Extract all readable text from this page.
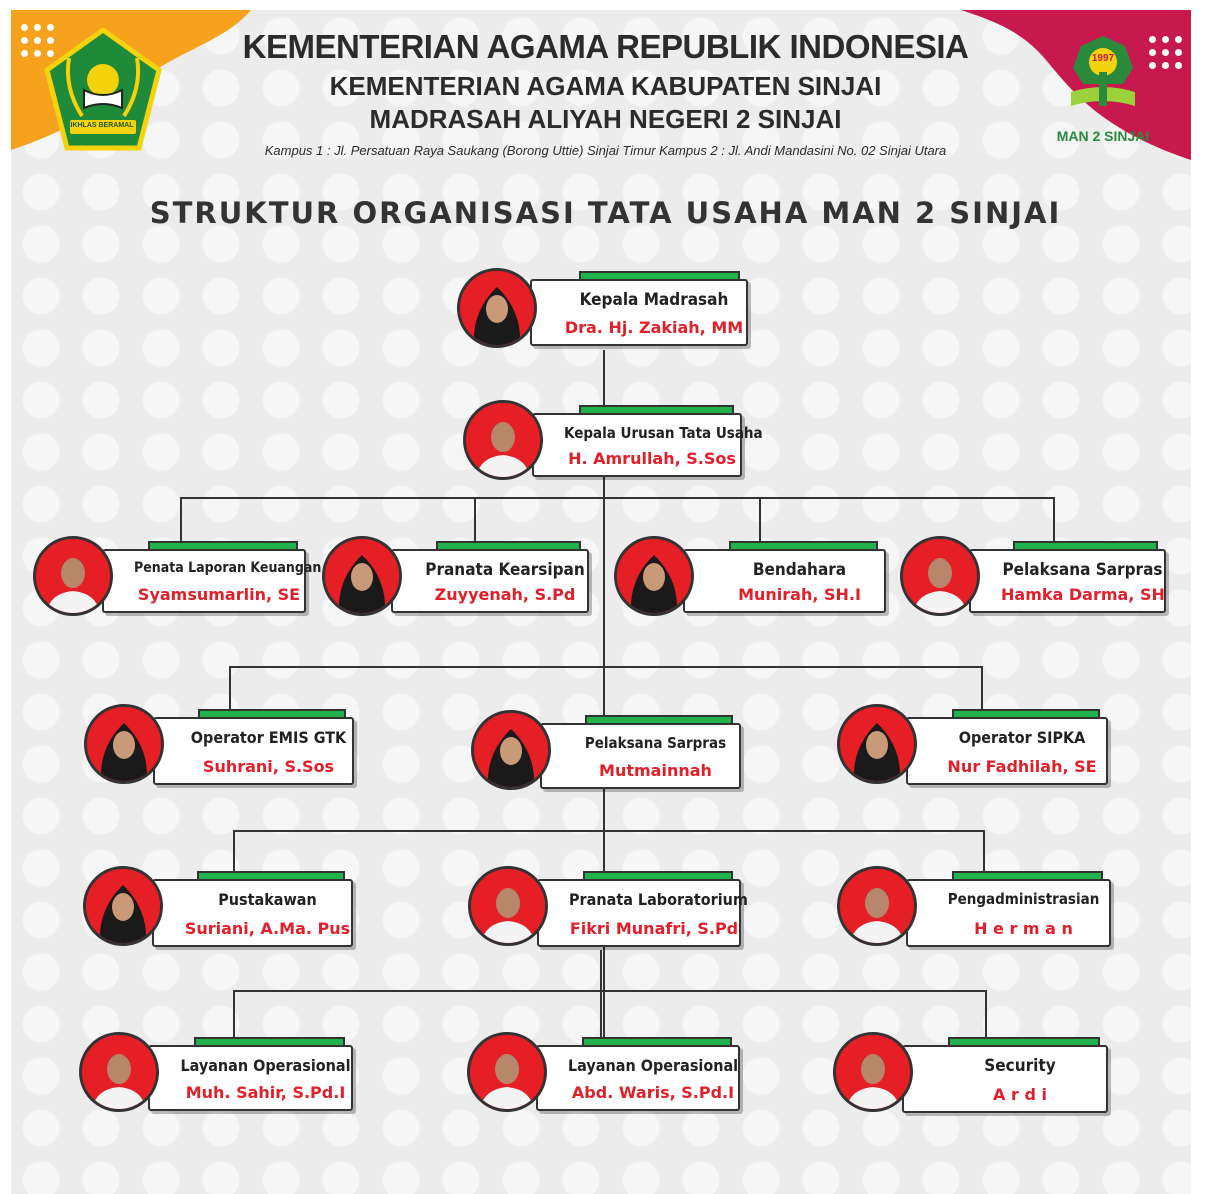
IKHLAS BERAMAL
1997
MAN 2 SINJAI
Kepala Madrasah
Dra. Hj. Zakiah, MM
Kepala Urusan Tata Usaha
H. Amrullah, S.Sos
Penata Laporan Keuangan
Syamsumarlin, SE
Pranata Kearsipan
Zuyyenah, S.Pd
Bendahara
Munirah, SH.I
Pelaksana Sarpras
Hamka Darma, SH
Operator EMIS GTK
Suhrani, S.Sos
Pelaksana Sarpras
Mutmainnah
Operator SIPKA
Nur Fadhilah, SE
Pustakawan
Suriani, A.Ma. Pus
Pranata Laboratorium
Fikri Munafri, S.Pd
Pengadministrasian
H e r m a n
Layanan Operasional
Muh. Sahir, S.Pd.I
Layanan Operasional
Abd. Waris, S.Pd.I
Security
A r d i
KEMENTERIAN AGAMA REPUBLIK INDONESIA
KEMENTERIAN AGAMA KABUPATEN SINJAI
MADRASAH ALIYAH NEGERI 2 SINJAI
Kampus 1 : Jl. Persatuan Raya Saukang (Borong Uttie) Sinjai Timur Kampus 2 : Jl. Andi Mandasini No. 02 Sinjai Utara
STRUKTUR ORGANISASI TATA USAHA MAN 2 SINJAI
